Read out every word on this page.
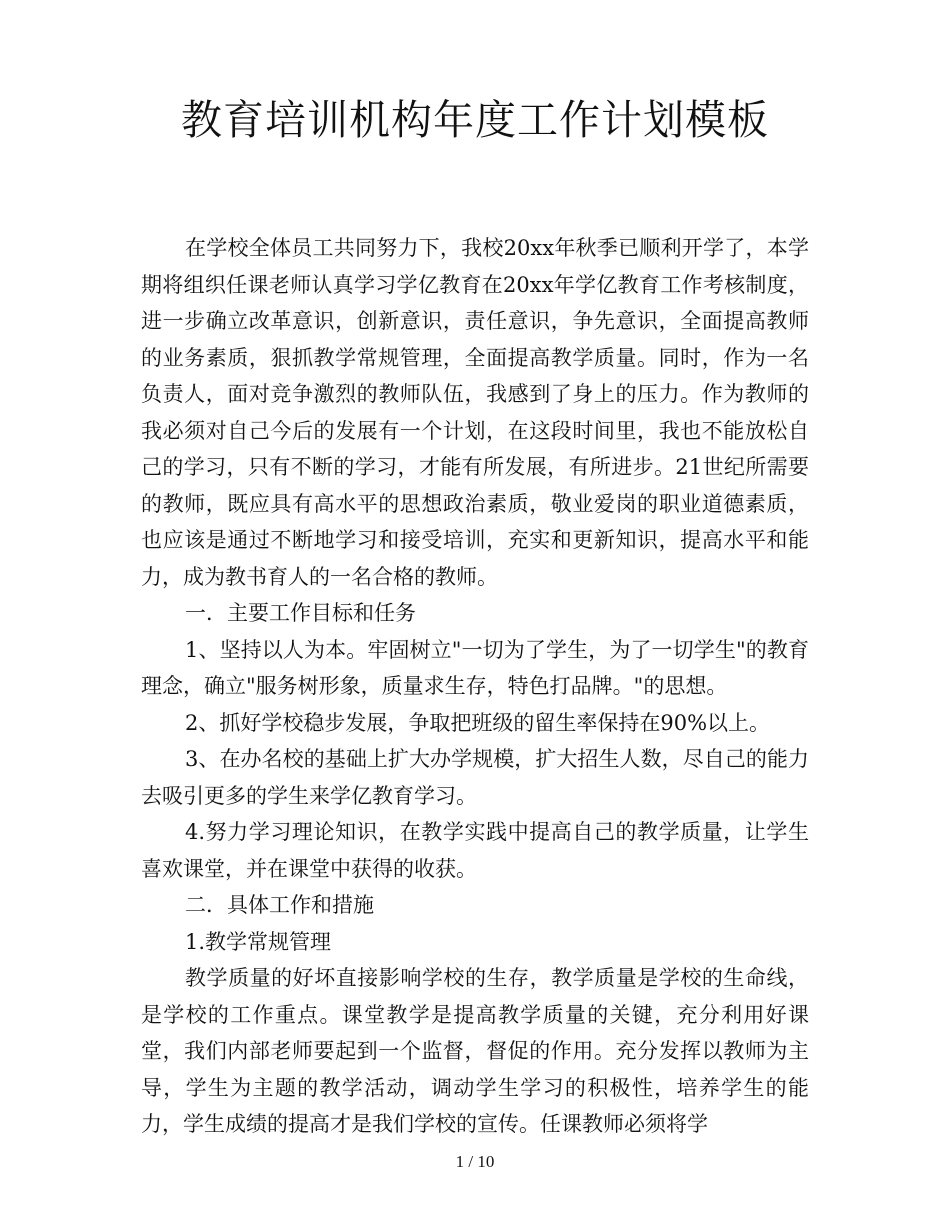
教育培训机构年度工作计划模板

在学校全体员工共同努力下，我校20xx年秋季已顺利开学了，本学期将组织任课老师认真学习学亿教育在20xx年学亿教育工作考核制度，进一步确立改革意识，创新意识，责任意识，争先意识，全面提高教师的业务素质，狠抓教学常规管理，全面提高教学质量。同时，作为一名负责人，面对竞争激烈的教师队伍，我感到了身上的压力。作为教师的我必须对自己今后的发展有一个计划，在这段时间里，我也不能放松自己的学习，只有不断的学习，才能有所发展，有所进步。21世纪所需要的教师，既应具有高水平的思想政治素质，敬业爱岗的职业道德素质，也应该是通过不断地学习和接受培训，充实和更新知识，提高水平和能力，成为教书育人的一名合格的教师。

一．主要工作目标和任务

1、坚持以人为本。牢固树立"一切为了学生，为了一切学生"的教育理念，确立"服务树形象，质量求生存，特色打品牌。"的思想。

2、抓好学校稳步发展，争取把班级的留生率保持在90%以上。

3、在办名校的基础上扩大办学规模，扩大招生人数，尽自己的能力去吸引更多的学生来学亿教育学习。

4.努力学习理论知识，在教学实践中提高自己的教学质量，让学生喜欢课堂，并在课堂中获得的收获。

二．具体工作和措施

1.教学常规管理

教学质量的好坏直接影响学校的生存，教学质量是学校的生命线，是学校的工作重点。课堂教学是提高教学质量的关键，充分利用好课堂，我们内部老师要起到一个监督，督促的作用。充分发挥以教师为主导，学生为主题的教学活动，调动学生学习的积极性，培养学生的能力，学生成绩的提高才是我们学校的宣传。任课教师必须将学

1 / 10
